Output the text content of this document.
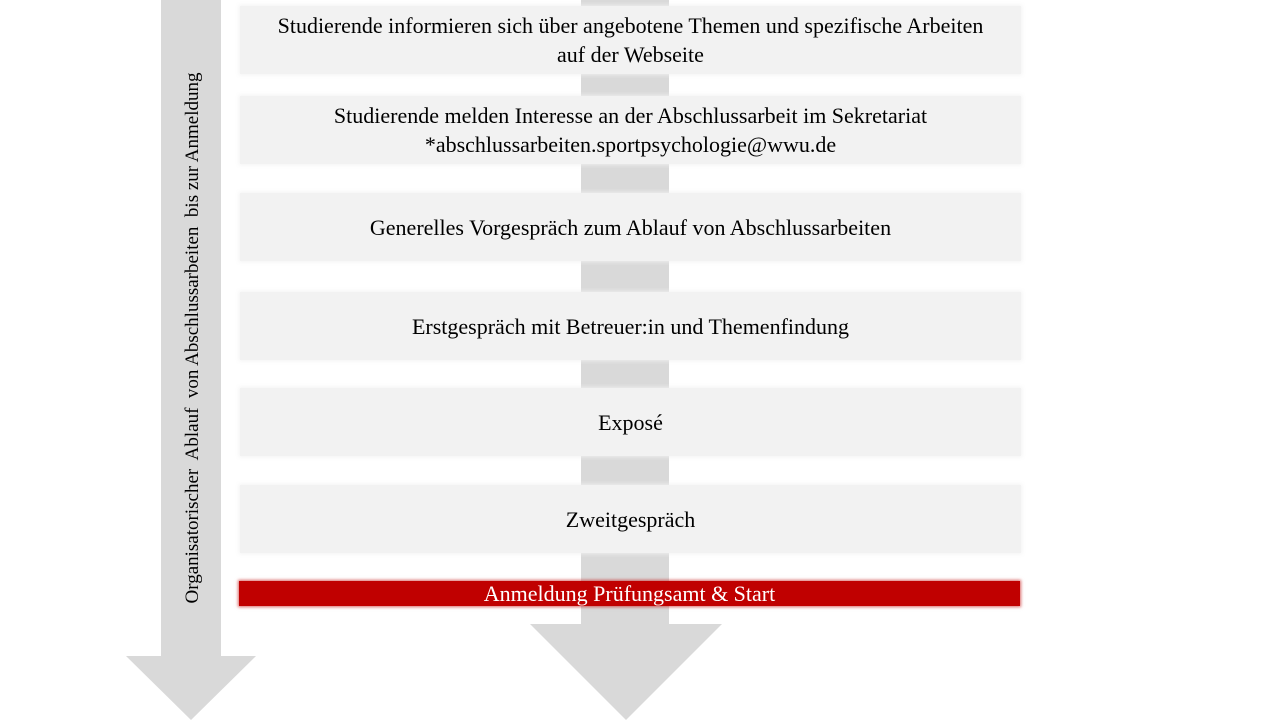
Organisatorischer  Ablauf  von Abschlussarbeiten  bis zur Anmeldung
Studierende informieren sich über angebotene Themen und spezifische Arbeiten
auf der Webseite
Studierende melden Interesse an der Abschlussarbeit im Sekretariat
*abschlussarbeiten.sportpsychologie@wwu.de
Generelles Vorgespräch zum Ablauf von Abschlussarbeiten
Erstgespräch mit Betreuer:in und Themenfindung
Exposé
Zweitgespräch
Anmeldung Prüfungsamt & Start
